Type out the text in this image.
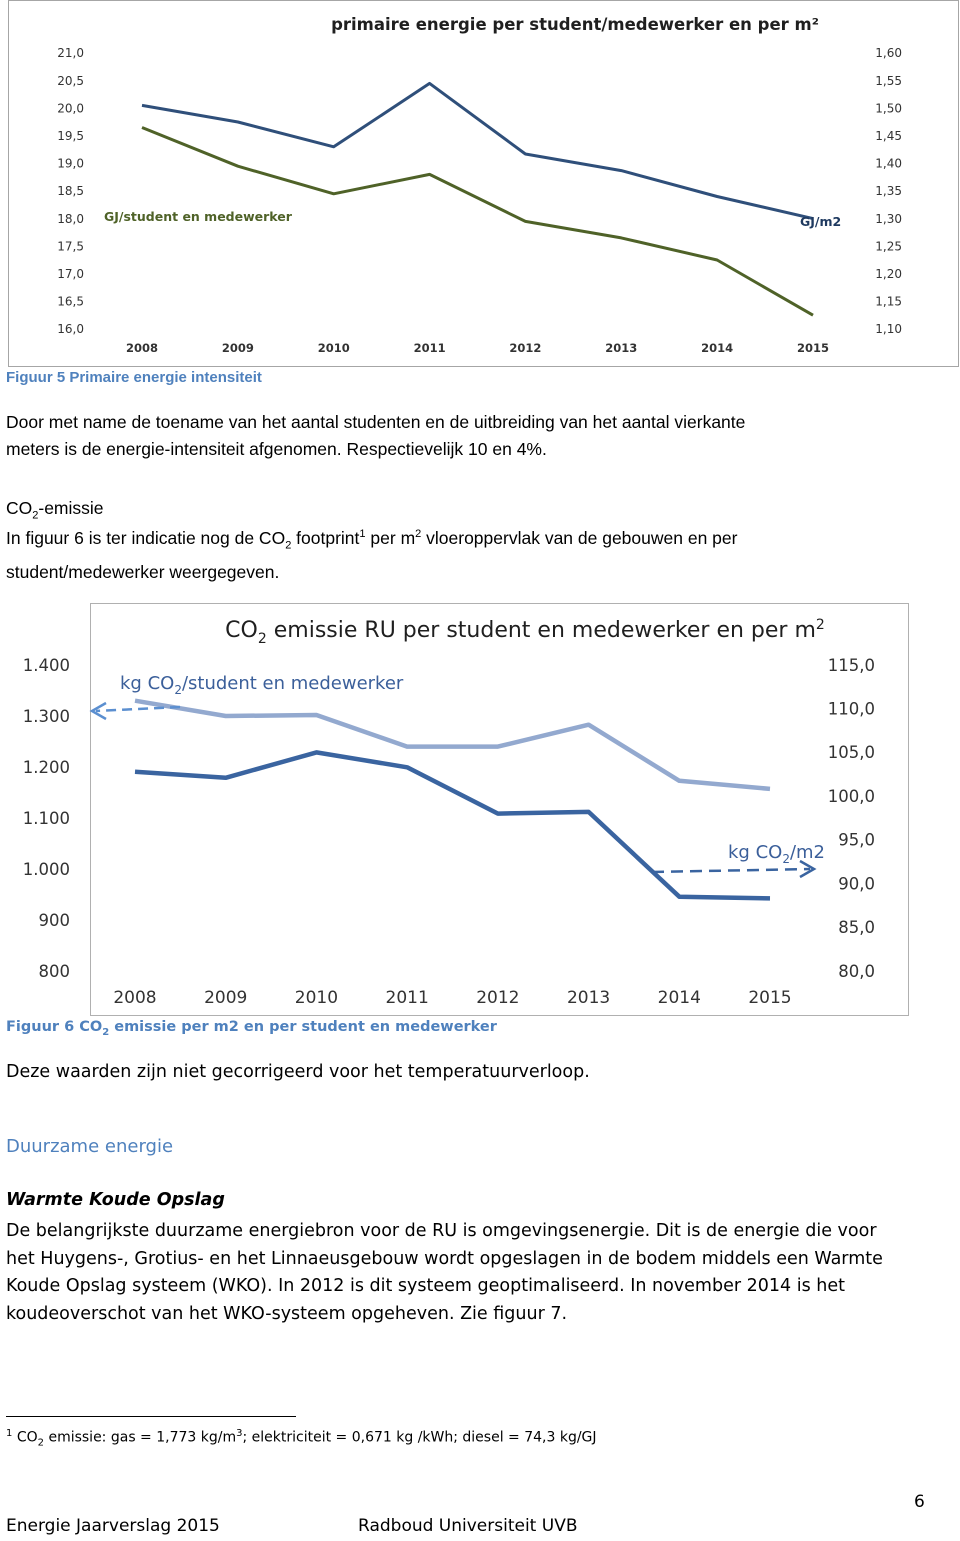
primaire energie per student/medewerker en per m²
16,0
16,5
17,0
17,5
18,0
18,5
19,0
19,5
20,0
20,5
21,0
1,10
1,15
1,20
1,25
1,30
1,35
1,40
1,45
1,50
1,55
1,60
2008	2009	2010	2011	2012	2013	2014	2015
GJ/student en medewerker	GJ/m2
Figuur 5 Primaire energie intensiteit
Door met name de toename van het aantal studenten en de uitbreiding van het aantal vierkante
meters is de energie-intensiteit afgenomen. Respectievelijk 10 en 4%.
$CO_2$-emissie
In figuur 6 is ter indicatie nog de $CO_2$ footprint$^1$ per $m^2$ vloeroppervlak van de gebouwen en per
student/medewerker weergegeven.
$CO_2$ emissie RU per student en medewerker en per $m^2$
kg $CO_2$/student en medewerker
kg $CO_2/m2$
800
900
1.000
1.100
1.200
1.300
1.400
80,0
85,0
90,0
95,0
100,0
105,0
110,0
115,0
2008	2009	2010	2011	2012	2013	2014	2015
Figuur 6 $CO_2$ emissie per m2 en per student en medewerker
Deze waarden zijn niet gecorrigeerd voor het temperatuurverloop.
Duurzame energie
Warmte Koude Opslag
De belangrijkste duurzame energiebron voor de RU is omgevingsenergie. Dit is de energie die voor
het Huygens-, Grotius- en het Linnaeusgebouw wordt opgeslagen in de bodem middels een Warmte
Koude Opslag systeem (WKO). In 2012 is dit systeem geoptimaliseerd. In november 2014 is het
koudeoverschot van het WKO-systeem opgeheven. Zie figuur 7.
$^1$ $CO_2$ emissie: gas = 1,773 $kg/m^3$; elektriciteit = 0,671 kg /kWh; diesel = 74,3 kg/GJ
6
Energie Jaarverslag 2015	Radboud Universiteit UVB
